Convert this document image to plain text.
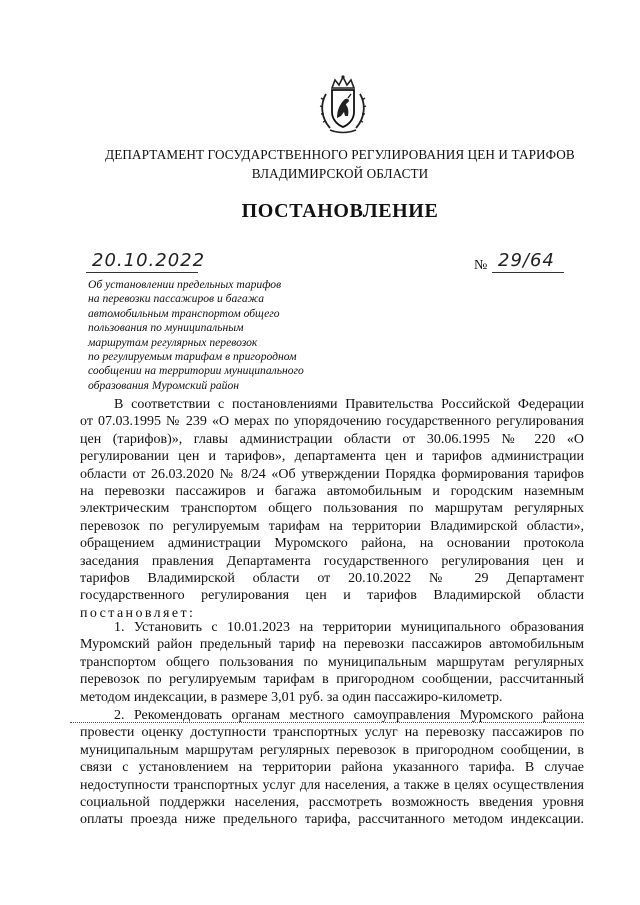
ДЕПАРТАМЕНТ ГОСУДАРСТВЕННОГО РЕГУЛИРОВАНИЯ ЦЕН И ТАРИФОВ
ВЛАДИМИРСКОЙ ОБЛАСТИ
ПОСТАНОВЛЕНИЕ
20.10.2022	№ 29/64
Об установлении предельных тарифов
на перевозки пассажиров и багажа
автомобильным транспортом общего
пользования по муниципальным
маршрутам регулярных перевозок
по регулируемым тарифам в пригородном
сообщении на территории муниципального
образования Муромский район
В соответствии с постановлениями Правительства Российской Федерации
от 07.03.1995 № 239 «О мерах по упорядочению государственного регулирования
цен (тарифов)», главы администрации области от 30.06.1995 № 220 «О
регулировании цен и тарифов», департамента цен и тарифов администрации
области от 26.03.2020 № 8/24 «Об утверждении Порядка формирования тарифов
на перевозки пассажиров и багажа автомобильным и городским наземным
электрическим транспортом общего пользования по маршрутам регулярных
перевозок по регулируемым тарифам на территории Владимирской области»,
обращением администрации Муромского района, на основании протокола
заседания правления Департамента государственного регулирования цен и
тарифов Владимирской области от 20.10.2022 № 29 Департамент
государственного регулирования цен и тарифов Владимирской области
постановляет:
1. Установить с 10.01.2023 на территории муниципального образования
Муромский район предельный тариф на перевозки пассажиров автомобильным
транспортом общего пользования по муниципальным маршрутам регулярных
перевозок по регулируемым тарифам в пригородном сообщении, рассчитанный
методом индексации, в размере 3,01 руб. за один пассажиро-километр.
2. Рекомендовать органам местного самоуправления Муромского района
провести оценку доступности транспортных услуг на перевозку пассажиров по
муниципальным маршрутам регулярных перевозок в пригородном сообщении, в
связи с установлением на территории района указанного тарифа. В случае
недоступности транспортных услуг для населения, а также в целях осуществления
социальной поддержки населения, рассмотреть возможность введения уровня
оплаты проезда ниже предельного тарифа, рассчитанного методом индексации.
